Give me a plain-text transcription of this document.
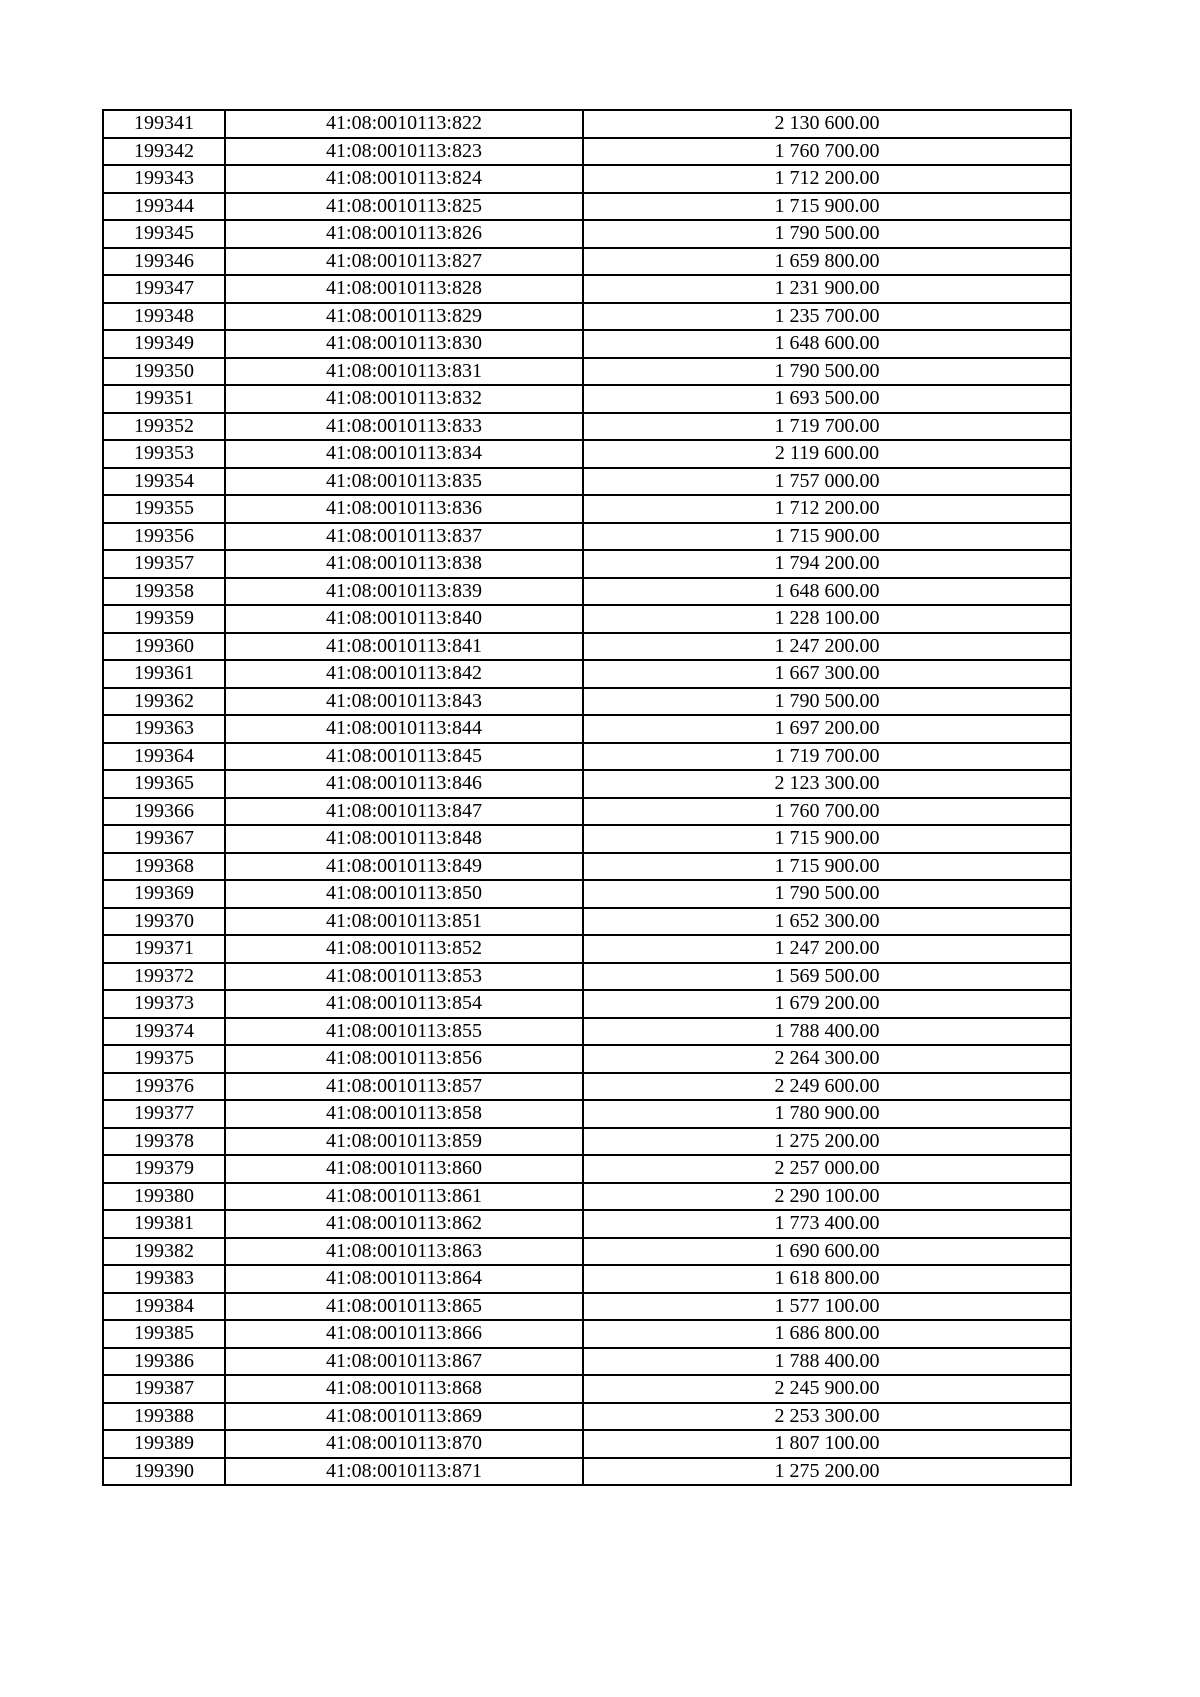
199341	41:08:0010113:822	2 130 600.00
199342	41:08:0010113:823	1 760 700.00
199343	41:08:0010113:824	1 712 200.00
199344	41:08:0010113:825	1 715 900.00
199345	41:08:0010113:826	1 790 500.00
199346	41:08:0010113:827	1 659 800.00
199347	41:08:0010113:828	1 231 900.00
199348	41:08:0010113:829	1 235 700.00
199349	41:08:0010113:830	1 648 600.00
199350	41:08:0010113:831	1 790 500.00
199351	41:08:0010113:832	1 693 500.00
199352	41:08:0010113:833	1 719 700.00
199353	41:08:0010113:834	2 119 600.00
199354	41:08:0010113:835	1 757 000.00
199355	41:08:0010113:836	1 712 200.00
199356	41:08:0010113:837	1 715 900.00
199357	41:08:0010113:838	1 794 200.00
199358	41:08:0010113:839	1 648 600.00
199359	41:08:0010113:840	1 228 100.00
199360	41:08:0010113:841	1 247 200.00
199361	41:08:0010113:842	1 667 300.00
199362	41:08:0010113:843	1 790 500.00
199363	41:08:0010113:844	1 697 200.00
199364	41:08:0010113:845	1 719 700.00
199365	41:08:0010113:846	2 123 300.00
199366	41:08:0010113:847	1 760 700.00
199367	41:08:0010113:848	1 715 900.00
199368	41:08:0010113:849	1 715 900.00
199369	41:08:0010113:850	1 790 500.00
199370	41:08:0010113:851	1 652 300.00
199371	41:08:0010113:852	1 247 200.00
199372	41:08:0010113:853	1 569 500.00
199373	41:08:0010113:854	1 679 200.00
199374	41:08:0010113:855	1 788 400.00
199375	41:08:0010113:856	2 264 300.00
199376	41:08:0010113:857	2 249 600.00
199377	41:08:0010113:858	1 780 900.00
199378	41:08:0010113:859	1 275 200.00
199379	41:08:0010113:860	2 257 000.00
199380	41:08:0010113:861	2 290 100.00
199381	41:08:0010113:862	1 773 400.00
199382	41:08:0010113:863	1 690 600.00
199383	41:08:0010113:864	1 618 800.00
199384	41:08:0010113:865	1 577 100.00
199385	41:08:0010113:866	1 686 800.00
199386	41:08:0010113:867	1 788 400.00
199387	41:08:0010113:868	2 245 900.00
199388	41:08:0010113:869	2 253 300.00
199389	41:08:0010113:870	1 807 100.00
199390	41:08:0010113:871	1 275 200.00
